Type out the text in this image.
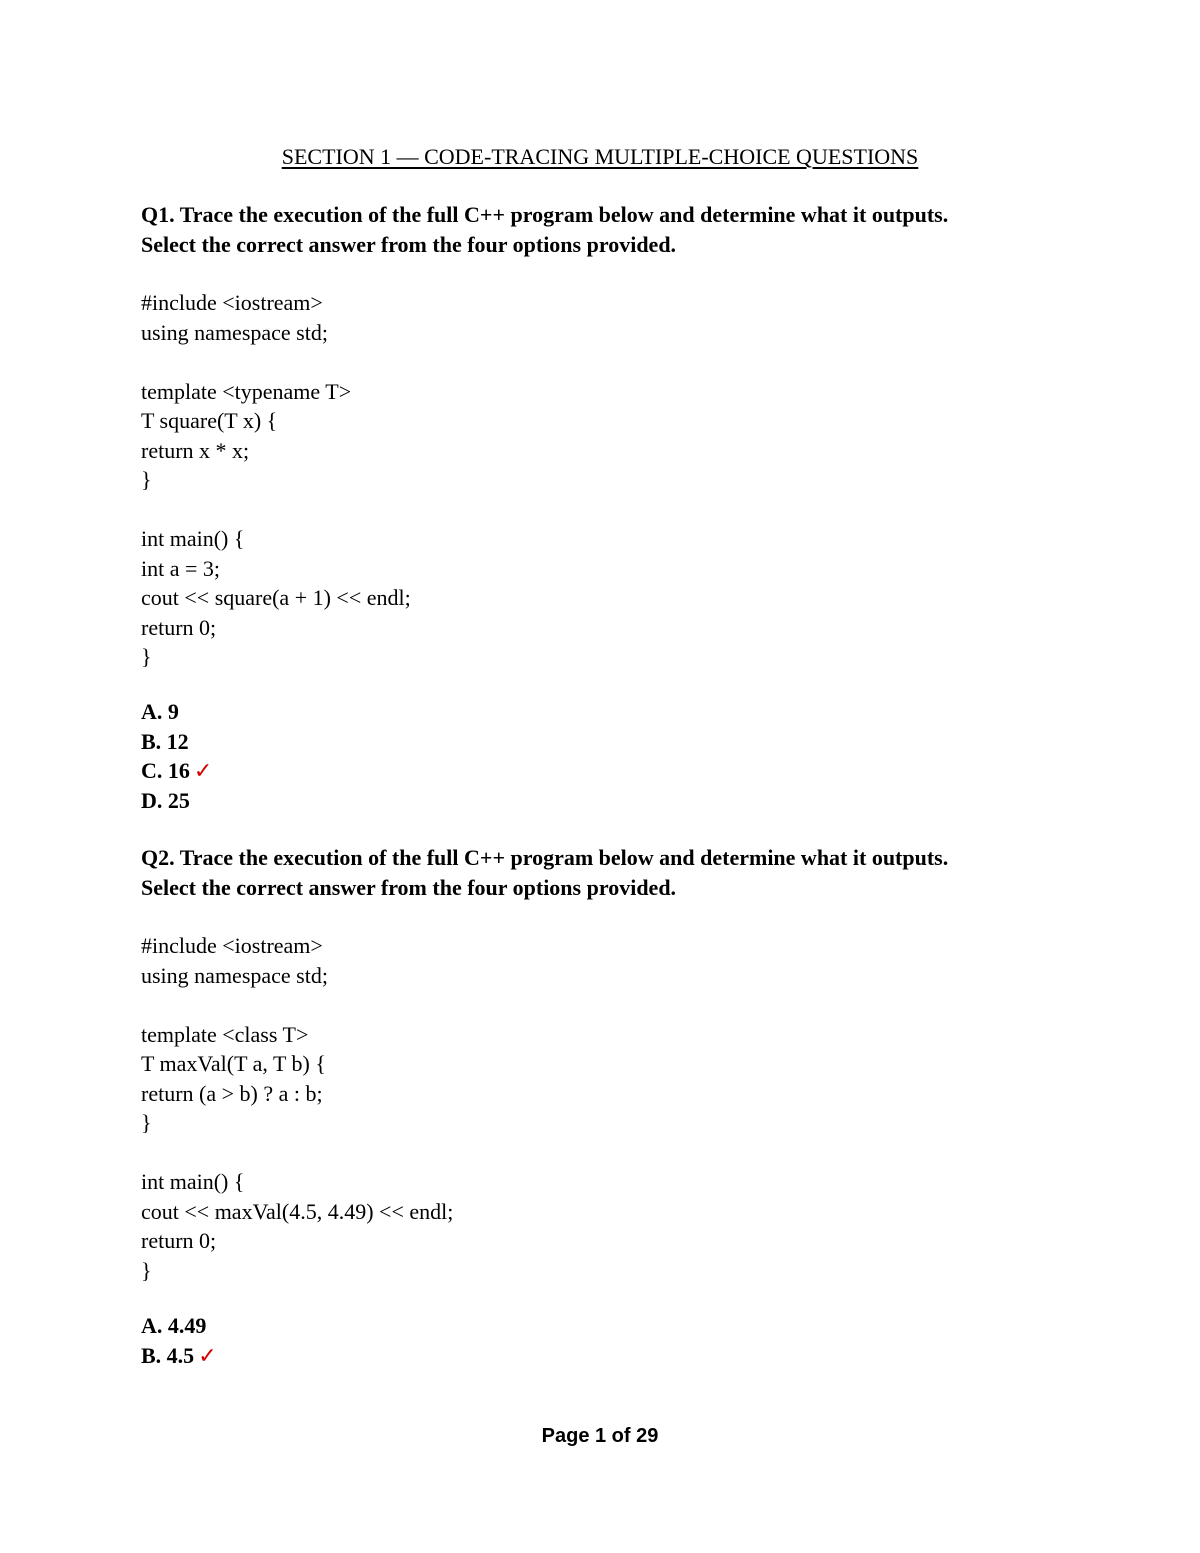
SECTION 1 — CODE-TRACING MULTIPLE-CHOICE QUESTIONS
Q1. Trace the execution of the full C++ program below and determine what it outputs.
Select the correct answer from the four options provided.
#include <iostream>
using namespace std;
template <typename T>
T square(T x) {
return x * x;
}
int main() {
int a = 3;
cout << square(a + 1) << endl;
return 0;
}
A. 9
B. 12
C. 16 ✓
D. 25
Q2. Trace the execution of the full C++ program below and determine what it outputs.
Select the correct answer from the four options provided.
#include <iostream>
using namespace std;
template <class T>
T maxVal(T a, T b) {
return (a > b) ? a : b;
}
int main() {
cout << maxVal(4.5, 4.49) << endl;
return 0;
}
A. 4.49
B. 4.5 ✓
Page 1 of 29
